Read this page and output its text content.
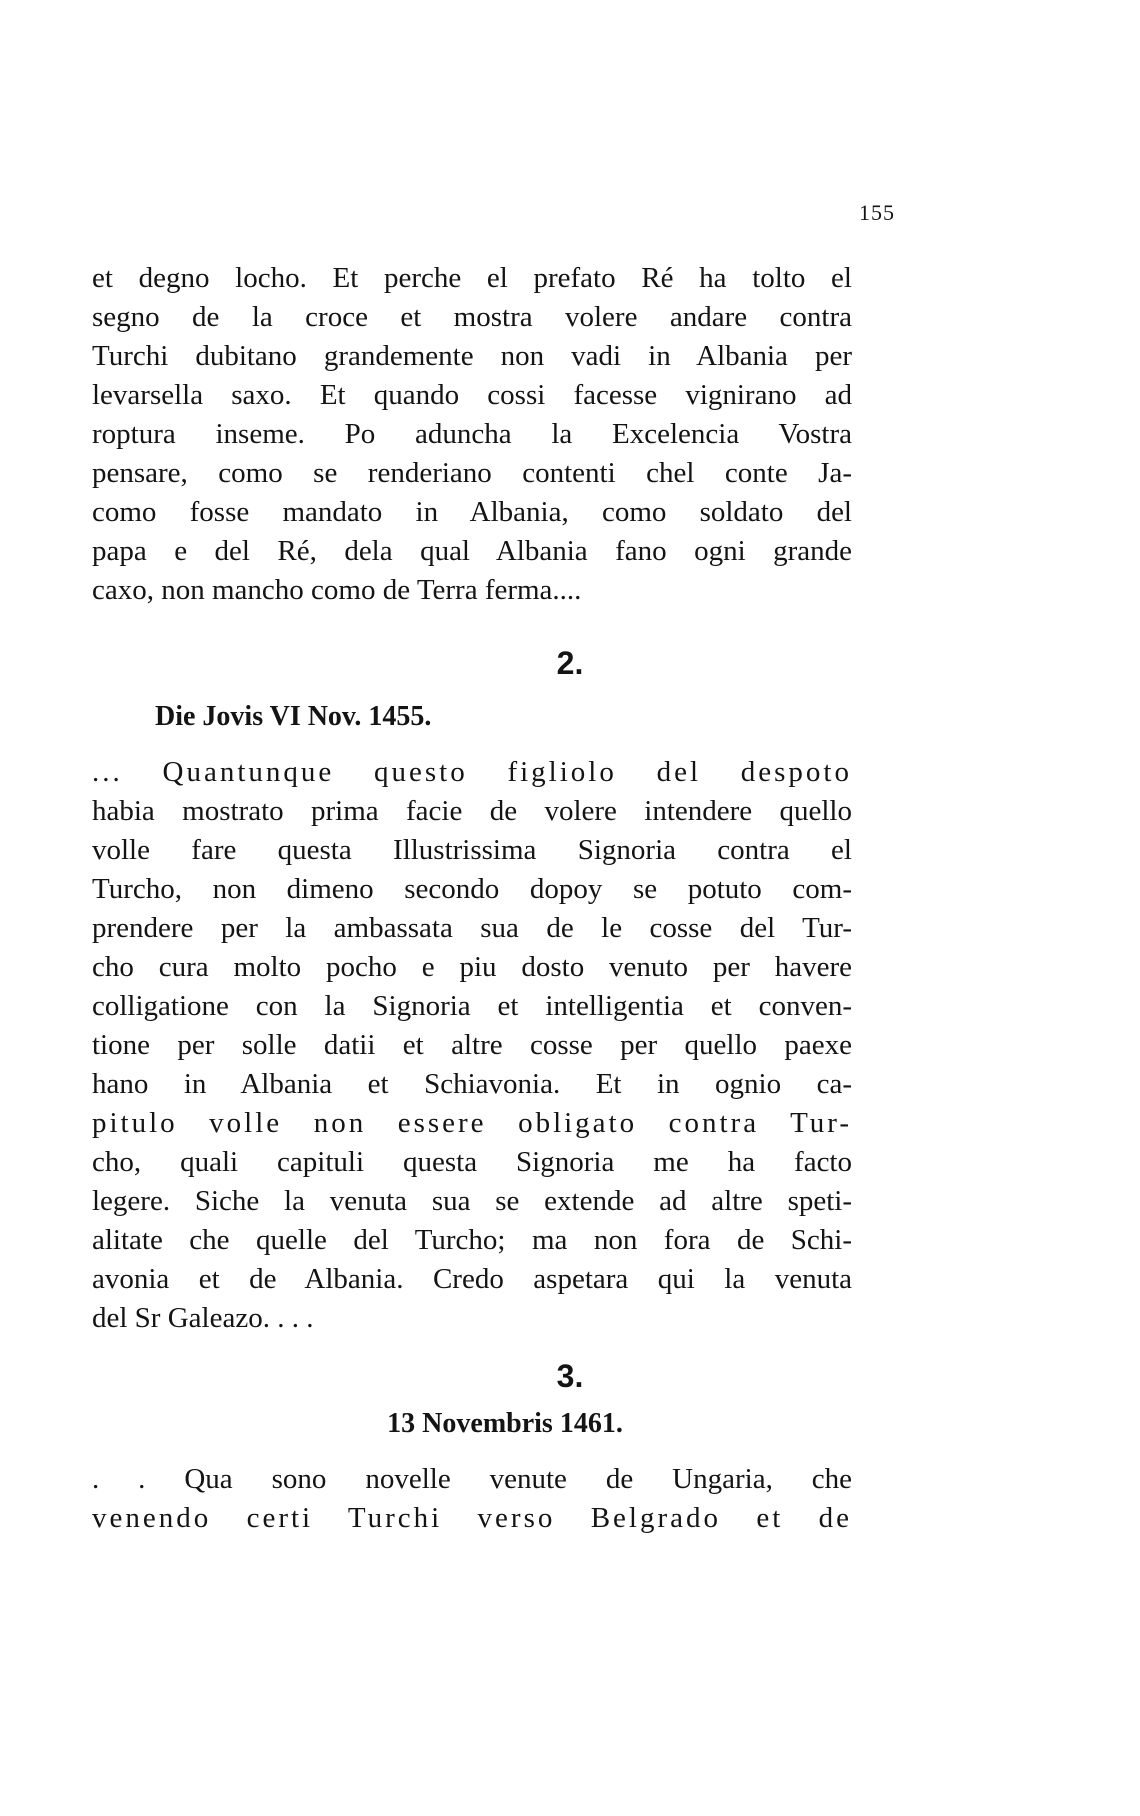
155
et degno locho. Et perche el prefato Ré ha tolto el
segno de la croce et mostra volere andare contra
Turchi dubitano grandemente non vadi in Albania per
levarsella saxo. Et quando cossi facesse vignirano ad
roptura inseme. Po aduncha la Excelencia Vostra
pensare, como se renderiano contenti chel conte Ja-
como fosse mandato in Albania, como soldato del
papa e del Ré, dela qual Albania fano ogni grande
caxo, non mancho como de Terra ferma....
2.
Die Jovis VI Nov. 1455.
... Quantunque questo figliolo del despoto
habia mostrato prima facie de volere intendere quello
volle fare questa Illustrissima Signoria contra el
Turcho, non dimeno secondo dopoy se potuto com-
prendere per la ambassata sua de le cosse del Tur-
cho cura molto pocho e piu dosto venuto per havere
colligatione con la Signoria et intelligentia et conven-
tione per solle datii et altre cosse per quello paexe
hano in Albania et Schiavonia. Et in ognio ca-
pitulo volle non essere obligato contra Tur-
cho, quali capituli questa Signoria me ha facto
legere. Siche la venuta sua se extende ad altre speti-
alitate che quelle del Turcho; ma non fora de Schi-
avonia et de Albania. Credo aspetara qui la venuta
del Sr Galeazo. . . .
3.
13 Novembris 1461.
. . Qua sono novelle venute de Ungaria, che
venendo certi Turchi verso Belgrado et de
